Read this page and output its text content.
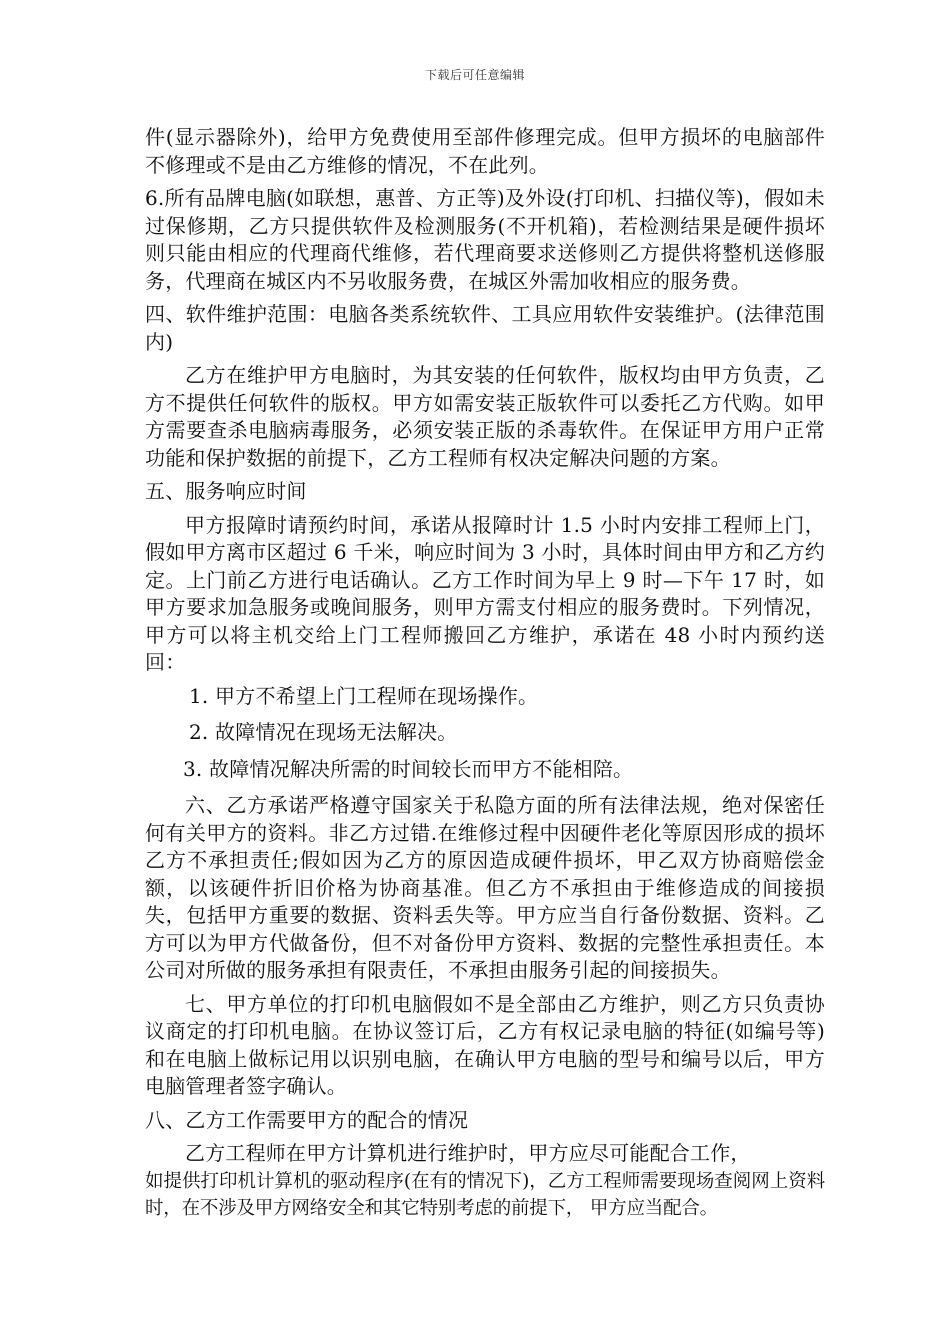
下载后可任意编辑

件(显示器除外)，给甲方免费使用至部件修理完成。但甲方损坏的电脑部件不修理或不是由乙方维修的情况，不在此列。

6.所有品牌电脑(如联想，惠普、方正等)及外设(打印机、扫描仪等)，假如未过保修期，乙方只提供软件及检测服务(不开机箱)，若检测结果是硬件损坏则只能由相应的代理商代维修，若代理商要求送修则乙方提供将整机送修服务，代理商在城区内不另收服务费，在城区外需加收相应的服务费。

四、软件维护范围：电脑各类系统软件、工具应用软件安装维护。(法律范围内)

乙方在维护甲方电脑时，为其安装的任何软件，版权均由甲方负责，乙方不提供任何软件的版权。甲方如需安装正版软件可以委托乙方代购。如甲方需要查杀电脑病毒服务，必须安装正版的杀毒软件。在保证甲方用户正常功能和保护数据的前提下，乙方工程师有权决定解决问题的方案。

五、服务响应时间

甲方报障时请预约时间，承诺从报障时计 1.5 小时内安排工程师上门，假如甲方离市区超过 6 千米，响应时间为 3 小时，具体时间由甲方和乙方约定。上门前乙方进行电话确认。乙方工作时间为早上 9 时—下午 17 时，如甲方要求加急服务或晚间服务，则甲方需支付相应的服务费时。下列情况，甲方可以将主机交给上门工程师搬回乙方维护，承诺在 48 小时内预约送回：

1. 甲方不希望上门工程师在现场操作。

2. 故障情况在现场无法解决。

3. 故障情况解决所需的时间较长而甲方不能相陪。

六、乙方承诺严格遵守国家关于私隐方面的所有法律法规，绝对保密任何有关甲方的资料。非乙方过错.在维修过程中因硬件老化等原因形成的损坏乙方不承担责任;假如因为乙方的原因造成硬件损坏，甲乙双方协商赔偿金额，以该硬件折旧价格为协商基准。但乙方不承担由于维修造成的间接损失，包括甲方重要的数据、资料丢失等。甲方应当自行备份数据、资料。乙方可以为甲方代做备份，但不对备份甲方资料、数据的完整性承担责任。本公司对所做的服务承担有限责任，不承担由服务引起的间接损失。

七、甲方单位的打印机电脑假如不是全部由乙方维护，则乙方只负责协议商定的打印机电脑。在协议签订后，乙方有权记录电脑的特征(如编号等)和在电脑上做标记用以识别电脑，在确认甲方电脑的型号和编号以后，甲方电脑管理者签字确认。

八、乙方工作需要甲方的配合的情况

乙方工程师在甲方计算机进行维护时，甲方应尽可能配合工作，

如提供打印机计算机的驱动程序(在有的情况下)，乙方工程师需要现场查阅网上资料时，在不涉及甲方网络安全和其它特别考虑的前提下， 甲方应当配合。
